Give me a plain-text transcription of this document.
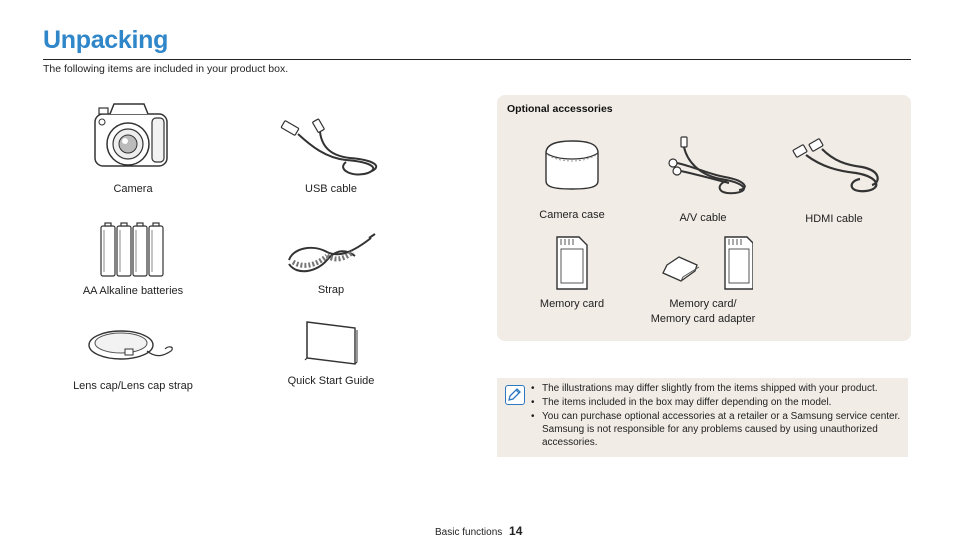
Unpacking
The following items are included in your product box.
Camera	USB cable
AA Alkaline batteries	Strap
Lens cap/Lens cap strap	Quick Start Guide
Optional accessories
Camera case	A/V cable	HDMI cable
Memory card	Memory card/
Memory card adapter
• The illustrations may differ slightly from the items shipped with your product.
• The items included in the box may differ depending on the model.
• You can purchase optional accessories at a retailer or a Samsung service center. Samsung is not responsible for any problems caused by using unauthorized accessories.
Basic functions 14
